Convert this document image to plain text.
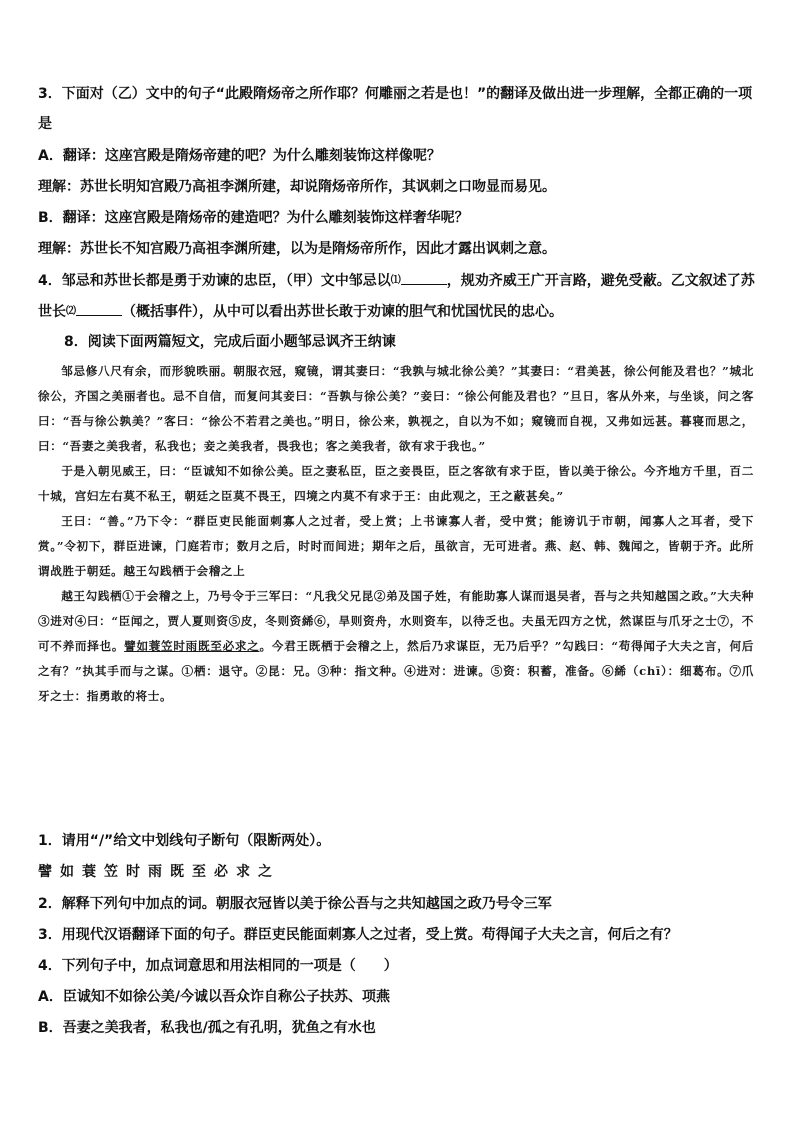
3．下面对（乙）文中的句子“此殿隋炀帝之所作耶？何雕丽之若是也！”的翻译及做出进一步理解，全都正确的一项
是
A．翻译：这座宫殿是隋炀帝建的吧？为什么雕刻装饰这样像呢？
理解：苏世长明知宫殿乃高祖李渊所建，却说隋炀帝所作，其讽刺之口吻显而易见。
B．翻译：这座宫殿是隋炀帝的建造吧？为什么雕刻装饰这样奢华呢？
理解：苏世长不知宫殿乃高祖李渊所建，以为是隋炀帝所作，因此才露出讽刺之意。
4．邹忌和苏世长都是勇于劝谏的忠臣，（甲）文中邹忌以⑴	，规劝齐威王广开言路，避免受蔽。乙文叙述了苏
世长⑵	（概括事件），从中可以看出苏世长敢于劝谏的胆气和忧国忧民的忠心。
8．阅读下面两篇短文，完成后面小题邹忌讽齐王纳谏

邹忌修八尺有余，而形貌昳丽。朝服衣冠，窥镜，谓其妻曰：“我孰与城北徐公美？”其妻曰：“君美甚，徐公何能及君也？”城北徐公，齐国之美丽者也。忌不自信，而复问其妾曰：“吾孰与徐公美？”妾曰：“徐公何能及君也？”旦日，客从外来，与坐谈，问之客曰：“吾与徐公孰美？”客曰：“徐公不若君之美也。”明日，徐公来，孰视之，自以为不如；窥镜而自视，又弗如远甚。暮寝而思之，曰：“吾妻之美我者，私我也；妾之美我者，畏我也；客之美我者，欲有求于我也。”

于是入朝见威王，曰：“臣诚知不如徐公美。臣之妻私臣，臣之妾畏臣，臣之客欲有求于臣，皆以美于徐公。今齐地方千里，百二十城，宫妇左右莫不私王，朝廷之臣莫不畏王，四境之内莫不有求于王：由此观之，王之蔽甚矣。”

王曰：“善。”乃下令：“群臣吏民能面刺寡人之过者，受上赏；上书谏寡人者，受中赏；能谤讥于市朝，闻寡人之耳者，受下赏。”令初下，群臣进谏，门庭若市；数月之后，时时而间进；期年之后，虽欲言，无可进者。燕、赵、韩、魏闻之，皆朝于齐。此所谓战胜于朝廷。越王勾践栖于会稽之上

越王勾践栖①于会稽之上，乃号令于三军曰：“凡我父兄昆②弟及国子姓，有能助寡人谋而退吴者，吾与之共知越国之政。”大夫种③进对④曰：“臣闻之，贾人夏则资⑤皮，冬则资絺⑥，旱则资舟，水则资车，以待乏也。夫虽无四方之忧，然谋臣与爪牙之士⑦，不可不养而择也。譬如蓑笠时雨既至必求之。今君王既栖于会稽之上，然后乃求谋臣，无乃后乎？”勾践曰：“苟得闻子大夫之言，何后之有？”执其手而与之谋。①栖：退守。②昆：兄。③种：指文种。④进对：进谏。⑤资：积蓄，准备。⑥絺（chī）：细葛布。⑦爪牙之士：指勇敢的将士。

1．请用“/”给文中划线句子断句（限断两处）。
譬如蓑笠时雨既至必求之
2．解释下列句中加点的词。朝服衣冠皆以美于徐公吾与之共知越国之政乃号令三军
3．用现代汉语翻译下面的句子。群臣吏民能面刺寡人之过者，受上赏。苟得闻子大夫之言，何后之有？
4．下列句子中，加点词意思和用法相同的一项是（　　）
A．臣诚知不如徐公美/今诚以吾众诈自称公子扶苏、项燕
B．吾妻之美我者，私我也/孤之有孔明，犹鱼之有水也
